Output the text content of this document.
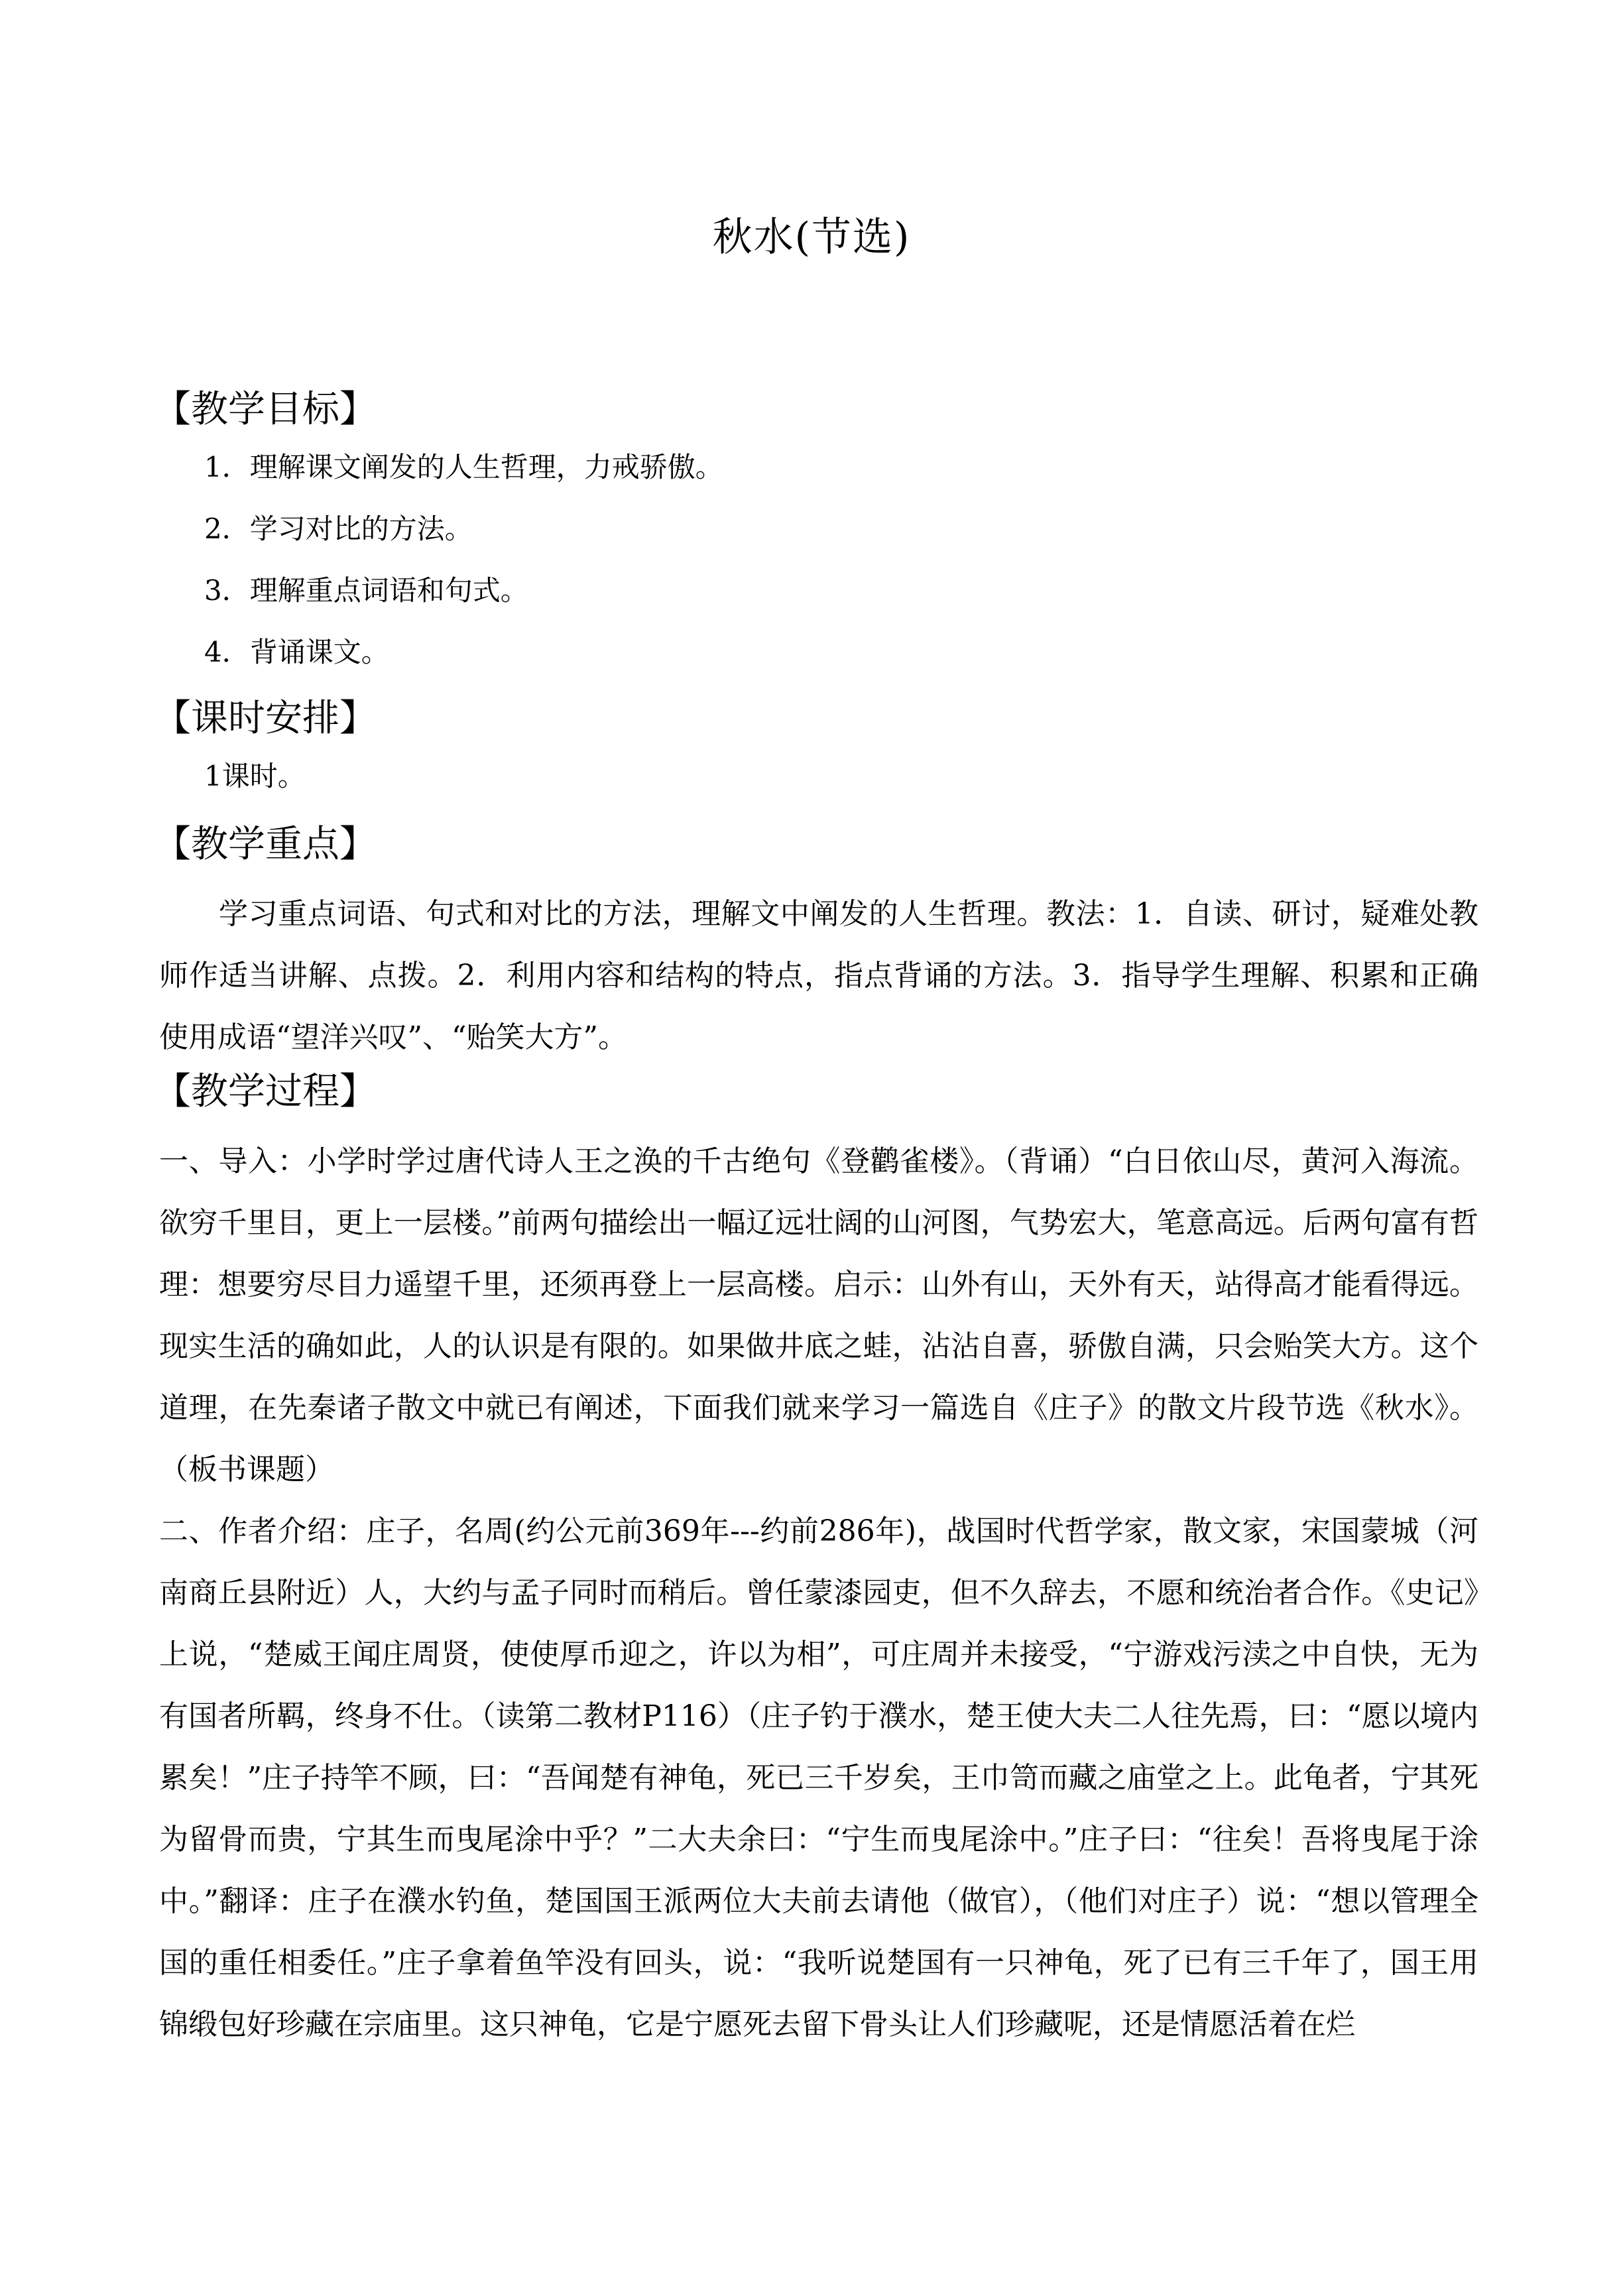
秋水(节选)
【教学目标】
1．理解课文阐发的人生哲理，力戒骄傲。
2．学习对比的方法。
3．理解重点词语和句式。
4．背诵课文。
【课时安排】
1课时。
【教学重点】
学习重点词语、句式和对比的方法，理解文中阐发的人生哲理。教法：1．自读、研讨，疑难处教师作适当讲解、点拨。2．利用内容和结构的特点，指点背诵的方法。3．指导学生理解、积累和正确使用成语“望洋兴叹”、“贻笑大方”。
【教学过程】
一、导入：小学时学过唐代诗人王之涣的千古绝句《登鹳雀楼》。（背诵）“白日依山尽，黄河入海流。欲穷千里目，更上一层楼。”前两句描绘出一幅辽远壮阔的山河图，气势宏大，笔意高远。后两句富有哲理：想要穷尽目力遥望千里，还须再登上一层高楼。启示：山外有山，天外有天，站得高才能看得远。现实生活的确如此，人的认识是有限的。如果做井底之蛙，沾沾自喜，骄傲自满，只会贻笑大方。这个道理，在先秦诸子散文中就已有阐述，下面我们就来学习一篇选自《庄子》的散文片段节选《秋水》。（板书课题）
二、作者介绍：庄子，名周(约公元前369年---约前286年)，战国时代哲学家，散文家，宋国蒙城（河南商丘县附近）人，大约与孟子同时而稍后。曾任蒙漆园吏，但不久辞去，不愿和统治者合作。《史记》上说，“楚威王闻庄周贤，使使厚币迎之，许以为相”，可庄周并未接受，“宁游戏污渎之中自快，无为有国者所羁，终身不仕。（读第二教材P116）（庄子钓于濮水，楚王使大夫二人往先焉，曰：“愿以境内累矣！”庄子持竿不顾，曰：“吾闻楚有神龟，死已三千岁矣，王巾笥而藏之庙堂之上。此龟者，宁其死为留骨而贵，宁其生而曳尾涂中乎？”二大夫余曰：“宁生而曳尾涂中。”庄子曰：“往矣！吾将曳尾于涂中。”翻译：庄子在濮水钓鱼，楚国国王派两位大夫前去请他（做官），（他们对庄子）说：“想以管理全国的重任相委任。”庄子拿着鱼竿没有回头，说：“我听说楚国有一只神龟，死了已有三千年了，国王用锦缎包好珍藏在宗庙里。这只神龟，它是宁愿死去留下骨头让人们珍藏呢，还是情愿活着在烂
